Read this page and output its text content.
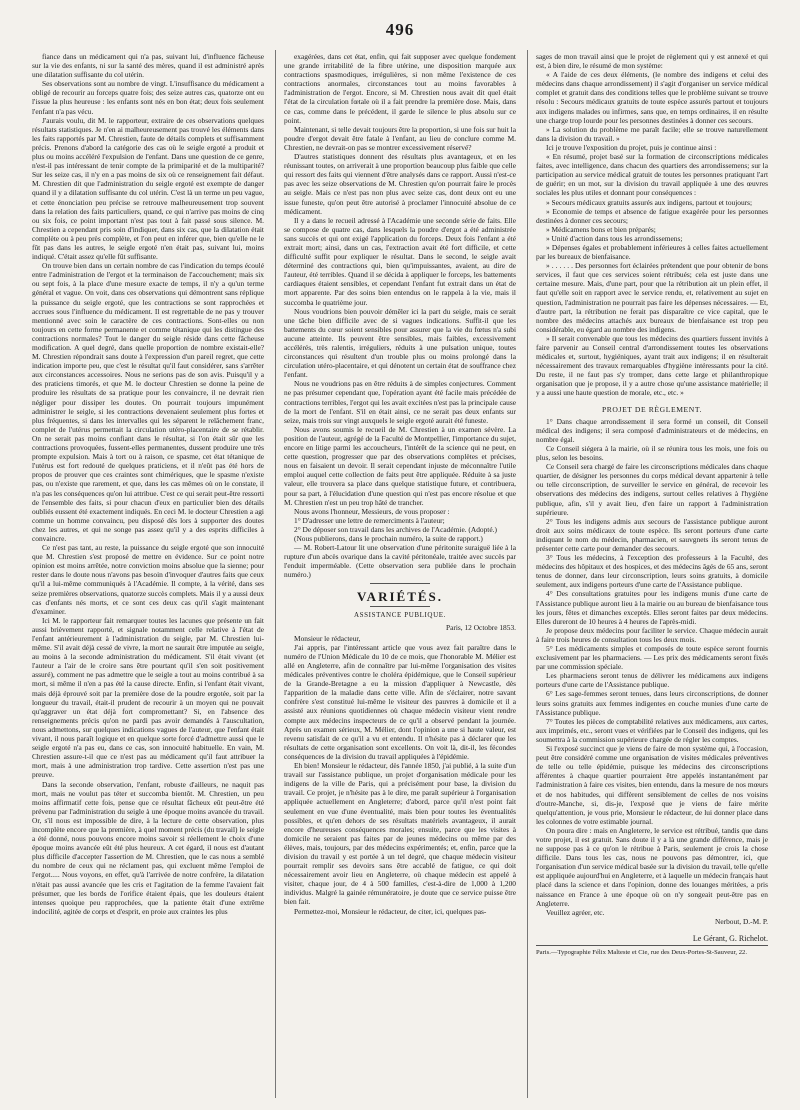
496

fiance dans un médicament qui n'a pas, suivant lui, d'influence fâcheuse sur la vie des enfants, ni sur la santé des mères, quand il est administré après une dilatation suffisante du col utérin.

Ses observations sont au nombre de vingt. L'insuffisance du médicament a obligé de recourir au forceps quatre fois; des seize autres cas, quatorze ont eu l'issue la plus heureuse : les enfants sont nés en bon état; deux fois seulement l'enfant n'a pas vécu.

J'aurais voulu, dit M. le rapporteur, extraire de ces observations quelques résultats statistiques. Je n'en ai malheureusement pas trouvé les éléments dans les faits rapportés par M. Chrestien, faute de détails complets et suffisamment précis. Prenons d'abord la catégorie des cas où le seigle ergoté a produit et plus ou moins accéléré l'expulsion de l'enfant. Dans une question de ce genre, n'est-il pas intéressant de tenir compte de la primiparité et de la multiparité? Sur les seize cas, il n'y en a pas moins de six où ce renseignement fait défaut. M. Chrestien dit que l'administration du seigle ergoté est exempte de danger quand il y a dilatation suffisante du col utérin. C'est là un terme un peu vague, et cette énonciation peu précise se retrouve malheureusement trop souvent dans la relation des faits particuliers, quand, ce qui n'arrive pas moins de cinq ou six fois, ce point important n'est pas tout à fait passé sous silence. M. Chrestien a cependant pris soin d'indiquer, dans six cas, que la dilatation était complète ou à peu près complète, et l'on peut en inférer que, bien qu'elle ne le fût pas dans les autres, le seigle ergoté n'en était pas, suivant lui, moins indiqué. C'était assez qu'elle fût suffisante.

On trouve bien dans un certain nombre de cas l'indication du temps écoulé entre l'administration de l'ergot et la terminaison de l'accouchement; mais six ou sept fois, à la place d'une mesure exacte de temps, il n'y a qu'un terme général et vague. On voit, dans ces observations qui démontrent sans réplique la puissance du seigle ergoté, que les contractions se sont rapprochées et accrues sous l'influence du médicament. Il est regrettable de ne pas y trouver mentionné avec soin le caractère de ces contractions. Sont-elles ou non toujours en cette forme permanente et comme tétanique qui les distingue des contractions normales? Tout le danger du seigle réside dans cette fâcheuse modification. A quel degré, dans quelle proportion de nombre existait-elle? M. Chrestien répondrait sans doute à l'expression d'un pareil regret, que cette indication importe peu, que c'est le résultat qu'il faut considérer, sans s'arrêter aux circonstances accessoires. Nous ne serions pas de son avis. Puisqu'il y a des praticiens timorés, et que M. le docteur Chrestien se donne la peine de produire les résultats de sa pratique pour les convaincre, il ne devrait rien négliger pour dissiper les doutes. On pourrait toujours impunément administrer le seigle, si les contractions devenaient seulement plus fortes et plus fréquentes, si dans les intervalles qui les séparent le relâchement franc, complet de l'utérus permettait la circulation utéro-placentaire de se rétablir. On ne serait pas moins confiant dans le résultat, si l'on était sûr que les contractions provoquées, fussent-elles permanentes, dussent produire une très prompte expulsion. Mais à tort ou à raison, ce spasme, cet état tétanique de l'utérus est fort redouté de quelques praticiens, et il n'eût pas été hors de propos de prouver que ces craintes sont chimériques, que le spasme n'existe pas, ou n'existe que rarement, et que, dans les cas mêmes où on le constate, il n'a pas les conséquences qu'on lui attribue. C'est ce qui serait peut-être ressorti de l'ensemble des faits, si pour chacun d'eux en particulier bien des détails oubliés eussent été exactement indiqués. En ceci M. le docteur Chrestien a agi comme un homme convaincu, peu disposé dès lors à supporter des doutes chez les autres, et qui ne songe pas assez qu'il y a des esprits difficiles à convaincre.

Ce n'est pas tant, au reste, la puissance du seigle ergoté que son innocuité que M. Chrestien s'est proposé de mettre en évidence. Sur ce point notre opinion est moins arrêtée, notre conviction moins absolue que la sienne; pour rester dans le doute nous n'avons pas besoin d'invoquer d'autres faits que ceux qu'il a lui-même communiqués à l'Académie. Il compte, à la vérité, dans ses seize premières observations, quatorze succès complets. Mais il y a aussi deux cas d'enfants nés morts, et ce sont ces deux cas qu'il s'agit maintenant d'examiner.

Ici M. le rapporteur fait remarquer toutes les lacunes que présente un fait aussi brièvement rapporté, et signale notamment celle relative à l'état de l'enfant antérieurement à l'administration du seigle, par M. Chrestien lui-même. S'il avait déjà cessé de vivre, la mort ne saurait être imputée au seigle, au moins à la seconde administration du médicament. S'il était vivant (et l'auteur a l'air de le croire sans être pourtant qu'il s'en soit positivement assuré), comment ne pas admettre que le seigle a tout au moins contribué à sa mort, si même il n'en a pas été la cause directe. Enfin, si l'enfant était vivant, mais déjà éprouvé soit par la première dose de la poudre ergotée, soit par la longueur du travail, était-il prudent de recourir à un moyen qui ne pouvait qu'aggraver un état déjà fort compromettant? Si, en l'absence des renseignements précis qu'on ne pardi pas avoir demandés à l'auscultation, nous admettons, sur quelques indications vagues de l'auteur, que l'enfant était vivant, il nous paraît logique et en quelque sorte forcé d'admettre aussi que le seigle ergoté n'a pas eu, dans ce cas, son innocuité habituelle. En vain, M. Chrestien assure-t-il que ce n'est pas au médicament qu'il faut attribuer la mort, mais à une administration trop tardive. Cette assertion n'est pas une preuve.

Dans la seconde observation, l'enfant, robuste d'ailleurs, ne naquit pas mort, mais ne voulut pas téter et succomba bientôt. M. Chrestien, un peu moins affirmatif cette fois, pense que ce résultat fâcheux eût peut-être été prévenu par l'administration du seigle à une époque moins avancée du travail. Or, s'il nous est impossible de dire, à la lecture de cette observation, plus incomplète encore que la première, à quel moment précis (du travail) le seigle a été donné, nous pouvons encore moins savoir si réellement le choix d'une époque moins avancée eût été plus heureux. A cet égard, il nous est d'autant plus difficile d'accepter l'assertion de M. Chrestien, que le cas nous a semblé du nombre de ceux qui ne réclament pas, qui excluent même l'emploi de l'ergot..... Nous voyons, en effet, qu'à l'arrivée de notre confrère, la dilatation n'était pas aussi avancée que les cris et l'agitation de la femme l'avaient fait présumer, que les bords de l'orifice étaient épais, que les douleurs étaient intenses quoique peu rapprochées, que la patiente était d'une extrême indocilité, agitée de corps et d'esprit, en proie aux craintes les plus

exagérées, dans cet état, enfin, qui fait supposer avec quelque fondement une grande irritabilité de la fibre utérine, une disposition marquée aux contractions spasmodiques, irrégulières, si non même l'existence de ces contractions anormales, circonstances tout au moins favorables à l'administration de l'ergot. Encore, si M. Chrestien nous avait dit quel était l'état de la circulation fœtale où il a fait prendre la première dose. Mais, dans ce cas, comme dans le précédent, il garde le silence le plus absolu sur ce point.

Maintenant, si telle devait toujours être la proportion, si une fois sur huit la poudre d'ergot devait être fatale à l'enfant, au lieu de conclure comme M. Chrestien, ne devrait-on pas se montrer excessivement réservé?

D'autres statistiques donnent des résultats plus avantageux, et en les réunissant toutes, on arriverait à une proportion beaucoup plus faible que celle qui ressort des faits qui viennent d'être analysés dans ce rapport. Aussi n'est-ce pas avec les seize observations de M. Chrestien qu'on pourrait faire le procès au seigle. Mais ce n'est pas non plus avec seize cas, dont deux ont eu une issue funeste, qu'on peut être autorisé à proclamer l'innocuité absolue de ce médicament.

Il y a dans le recueil adressé à l'Académie une seconde série de faits. Elle se compose de quatre cas, dans lesquels la poudre d'ergot a été administrée sans succès et qui ont exigé l'application du forceps. Deux fois l'enfant a été extrait mort; ainsi, dans un cas, l'extraction avait été fort difficile, et cette difficulté suffit pour expliquer le résultat. Dans le second, le seigle avait déterminé des contractions qui, bien qu'impuissantes, avaient, au dire de l'auteur, été terribles. Quand il se décida à appliquer le forceps, les battements cardiaques étaient sensibles, et cependant l'enfant fut extrait dans un état de mort apparente. Par des soins bien entendus on le rappela à la vie, mais il succomba le quatrième jour.

Nous voudrions bien pouvoir démêler ici la part du seigle, mais ce serait une tâche bien difficile avec de si vagues indications. Suffit-il que les battements du cœur soient sensibles pour assurer que la vie du fœtus n'a subi aucune atteinte. Ils peuvent être sensibles, mais faibles, excessivement accélérés, très ralentis, irréguliers, réduits à une pulsation unique, toutes circonstances qui résultent d'un trouble plus ou moins prolongé dans la circulation utéro-placentaire, et qui dénotent un certain état de souffrance chez l'enfant.

Nous ne voudrions pas en être réduits à de simples conjectures. Comment ne pas présumer cependant que, l'opération ayant été facile mais précédée de contractions terribles, l'ergot qui les avait excitées n'est pas la principale cause de la mort de l'enfant. S'il en était ainsi, ce ne serait pas deux enfants sur seize, mais trois sur vingt auxquels le seigle ergoté aurait été funeste.

Nous avons soumis le recueil de M. Chrestien à un examen sévère. La position de l'auteur, agrégé de la Faculté de Montpellier, l'importance du sujet, encore en litige parmi les accoucheurs, l'intérêt de la science qui ne peut, en cette question, progresser que par des observations complètes et précises, nous en faisaient un devoir. Il serait cependant injuste de méconnaître l'utile emploi auquel cette collection de faits peut être appliquée. Réduite à sa juste valeur, elle trouvera sa place dans quelque statistique future, et contribuera, pour sa part, à l'élucidation d'une question qui n'est pas encore résolue et que M. Chrestien n'est un peu trop hâté de trancher.

Nous avons l'honneur, Messieurs, de vous proposer :

1° D'adresser une lettre de remerciments à l'auteur;

2° De déposer son travail dans les archives de l'Académie. (Adopté.)

(Nous publierons, dans le prochain numéro, la suite de rapport.)

— M. Robert-Latour lit une observation d'une péritonite suraiguë liée à la rupture d'un abcès ovarique dans la cavité péritonéale, traitée avec succès par l'enduit imperméable. (Cette observation sera publiée dans le prochain numéro.)

VARIÉTÉS.
ASSISTANCE PUBLIQUE.
Paris, 12 Octobre 1853.

Monsieur le rédacteur,

J'ai appris, par l'intéressant article que vous avez fait paraître dans le numéro de l'Union Médicale du 10 de ce mois, que l'honorable M. Mélier est allé en Angleterre, afin de connaître par lui-même l'organisation des visites médicales préventives contre le choléra épidémique, que le Conseil supérieur de la Grande-Bretagne a eu la mission d'appliquer à Newcastle, dès l'apparition de la maladie dans cette ville. Afin de s'éclairer, notre savant confrère s'est constitué lui-même le visiteur des pauvres à domicile et il a assisté aux réunions quotidiennes où chaque médecin visiteur vient rendre compte aux médecins inspecteurs de ce qu'il a observé pendant la journée. Après un examen sérieux, M. Mélier, dont l'opinion a une si haute valeur, est revenu satisfait de ce qu'il a vu et entendu. Il n'hésite pas à déclarer que les résultats de cette organisation sont excellents. On voit là, dit-il, les fécondes conséquences de la division du travail appliquées à l'épidémie.

Eh bien! Monsieur le rédacteur, dès l'année 1850, j'ai publié, à la suite d'un travail sur l'assistance publique, un projet d'organisation médicale pour les indigens de la ville de Paris, qui a précisément pour base, la division du travail. Ce projet, je n'hésite pas à le dire, me paraît supérieur à l'organisation appliquée actuellement en Angleterre; d'abord, parce qu'il n'est point fait seulement en vue d'une éventualité, mais bien pour toutes les éventualités possibles, et qu'en dehors de ses résultats matériels avantageux, il aurait encore d'heureuses conséquences morales; ensuite, parce que les visites à domicile ne seraient pas faites par de jeunes médecins ou même par des élèves, mais, toujours, par des médecins expérimentés; et, enfin, parce que la division du travail y est portée à un tel degré, que chaque médecin visiteur pourrait remplir ses devoirs sans être accablé de fatigue, ce qui doit nécessairement avoir lieu en Angleterre, où chaque médecin est appelé à visiter, chaque jour, de 4 à 500 familles, c'est-à-dire de 1,000 à 1,200 individus. Malgré la gainée rémunératoire, je doute que ce service puisse être bien fait.

Permettez-moi, Monsieur le rédacteur, de citer, ici, quelques pas-

sages de mon travail ainsi que le projet de règlement qui y est annexé et qui est, à bien dire, le résumé de mon système:

« A l'aide de ces deux éléments, (le nombre des indigens et celui des médecins dans chaque arrondissement) il s'agit d'organiser un service médical complet et gratuit dans des conditions telles que le problème suivant se trouve résolu : Secours médicaux gratuits de toute espèce assurés partout et toujours aux indigens malades ou infirmes, sans que, en temps ordinaires, il en résulte une charge trop lourde pour les personnes destinées à donner ces secours.

» La solution du problème me paraît facile; elle se trouve naturellement dans la division du travail. »

Ici je trouve l'exposition du projet, puis je continue ainsi :

« En résumé, projet basé sur la formation de circonscriptions médicales faites, avec intelligence, dans chacun des quartiers des arrondissemens; sur la participation au service médical gratuit de toutes les personnes pratiquant l'art de guérir; en un mot, sur la division du travail appliquée à une des œuvres sociales les plus utiles et donnant pour conséquences :

» Secours médicaux gratuits assurés aux indigens, partout et toujours;

» Economie de temps et absence de fatigue exagérée pour les personnes destinées à donner ces secours;

» Médicamens bons et bien préparés;

» Unité d'action dans tous les arrondissemens;

» Dépenses égales et probablement inférieures à celles faites actuellement par les bureaux de bienfaisance.

» . . . . . . Des personnes fort éclairées prétendent que pour obtenir de bons services, il faut que ces services soient rétribués; cela est juste dans une certaine mesure. Mais, d'une part, pour que la rétribution ait un plein effet, il faut qu'elle soit en rapport avec le service rendu, et, relativement au sujet en question, l'administration ne pourrait pas faire les dépenses nécessaires. — Et, d'autre part, la rétribution ne ferait pas disparaître ce vice capital, que le nombre des médecins attachés aux bureaux de bienfaisance est trop peu considérable, eu égard au nombre des indigens.

» Il serait convenable que tous les médecins des quartiers fussent invités à faire parvenir au Conseil central d'arrondissement toutes les observations médicales et, surtout, hygiéniques, ayant trait aux indigens; il en résulterait nécessairement des travaux remarquables d'hygiène intéressants pour la cité. Du reste, il ne faut pas s'y tromper, dans cette large et philanthropique organisation que je propose, il y a autre chose qu'une assistance matérielle; il y a aussi une haute question de morale, etc., etc. »

PROJET DE RÈGLEMENT.

1° Dans chaque arrondissement il sera formé un conseil, dit Conseil médical des indigens; il sera composé d'administrateurs et de médecins, en nombre égal.

Ce Conseil siégera à la mairie, où il se réunira tous les mois, une fois ou plus, selon les besoins.

Ce Conseil sera chargé de faire les circonscriptions médicales dans chaque quartier, de désigner les personnes du corps médical devant appartenir à telle ou telle circonscription, de surveiller le service en général, de recevoir les observations des médecins des indigens, surtout celles relatives à l'hygiène publique, afin, s'il y avait lieu, d'en faire un rapport à l'administration supérieure.

2° Tous les indigens admis aux secours de l'assistance publique auront droit aux soins médicaux de toute espèce. Ils seront porteurs d'une carte indiquant le nom du médecin, pharmacien, et sauvgnets ils seront tenus de présenter cette carte pour demander des secours.

3° Tous les médecins, à l'exception des professeurs à la Faculté, des médecins des hôpitaux et des hospices, et des médecins âgés de 65 ans, seront tenus de donner, dans leur circonscription, leurs soins gratuits, à domicile seulement, aux indigens porteurs d'une carte de l'Assistance publique.

4° Des consultations gratuites pour les indigens munis d'une carte de l'Assistance publique auront lieu à la mairie ou au bureau de bienfaisance tous les jours, fêtes et dimanches exceptés. Elles seront faites par deux médecins. Elles dureront de 10 heures à 4 heures de l'après-midi.

Je propose deux médecins pour faciliter le service. Chaque médecin aurait à faire trois heures de consultation tous les deux mois.

5° Les médicaments simples et composés de toute espèce seront fournis exclusivement par les pharmaciens. — Les prix des médicaments seront fixés par une commission spéciale.

Les pharmaciens seront tenus de délivrer les médicamens aux indigens porteurs d'une carte de l'Assistance publique.

6° Les sage-femmes seront tenues, dans leurs circonscriptions, de donner leurs soins gratuits aux femmes indigentes en couche munies d'une carte de l'Assistance publique.

7° Toutes les pièces de comptabilité relatives aux médicamens, aux cartes, aux imprimés, etc., seront vues et vérifiées par le Conseil des indigens, qui les soumettra à la commission supérieure chargée de régler les comptes.

Si l'exposé succinct que je viens de faire de mon système qui, à l'occasion, peut être considéré comme une organisation de visites médicales préventives de telle ou telle épidémie, puisque les médecins des circonscriptions afférentes à chaque quartier pourraient être appelés instantanément par l'administration à faire ces visites, bien entendu, dans la mesure de nos mœurs et de nos habitudes, qui diffèrent sensiblement de celles de nos voisins d'outre-Manche, si, dis-je, l'exposé que je viens de faire mérite quelqu'attention, je vous prie, Monsieur le rédacteur, de lui donner place dans les colonnes de votre estimable journal.

On poura dire : mais en Angleterre, le service est rétribué, tandis que dans votre projet, il est gratuit. Sans doute il y a là une grande différence, mais je ne suppose pas à ce qu'on le rétribue à Paris, seulement je crois la chose difficile. Dans tous les cas, nous ne pouvons pas démontrer, ici, que l'organisation d'un service médical basée sur la division du travail, telle qu'elle est appliquée aujourd'hui en Angleterre, et à laquelle un médecin français haut placé dans la science et dans l'opinion, donne des louanges méritées, a pris naissance en France à une époque où on n'y songeait peut-être pas en Angleterre.

Veuillez agréer, etc.

Nerbout, D.-M. P.
Le Gérant, G. Richelot.
Paris.—Typographie Félix Malteste et Cie, rue des Deux-Portes-St-Sauveur, 22.
